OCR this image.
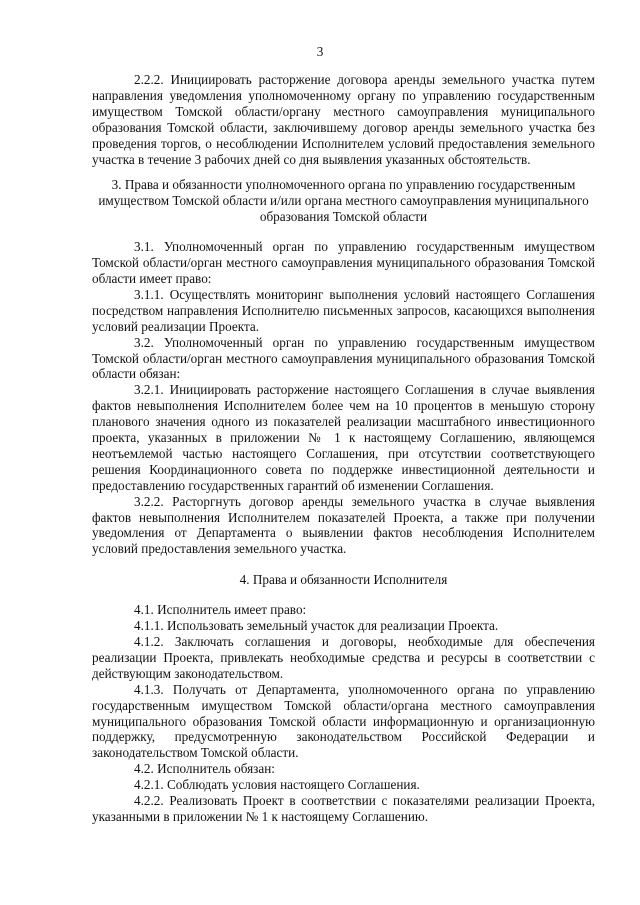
3

2.2.2. Инициировать расторжение договора аренды земельного участка путем направления уведомления уполномоченному органу по управлению государственным имуществом Томской области/органу местного самоуправления муниципального образования Томской области, заключившему договор аренды земельного участка без проведения торгов, о несоблюдении Исполнителем условий предоставления земельного участка в течение 3 рабочих дней со дня выявления указанных обстоятельств.

3. Права и обязанности уполномоченного органа по управлению государственным имуществом Томской области и/или органа местного самоуправления муниципального образования Томской области

3.1. Уполномоченный орган по управлению государственным имуществом Томской области/орган местного самоуправления муниципального образования Томской области имеет право:

3.1.1. Осуществлять мониторинг выполнения условий настоящего Соглашения посредством направления Исполнителю письменных запросов, касающихся выполнения условий реализации Проекта.

3.2. Уполномоченный орган по управлению государственным имуществом Томской области/орган местного самоуправления муниципального образования Томской области обязан:

3.2.1. Инициировать расторжение настоящего Соглашения в случае выявления фактов невыполнения Исполнителем более чем на 10 процентов в меньшую сторону планового значения одного из показателей реализации масштабного инвестиционного проекта, указанных в приложении № 1 к настоящему Соглашению, являющемся неотъемлемой частью настоящего Соглашения, при отсутствии соответствующего решения Координационного совета по поддержке инвестиционной деятельности и предоставлению государственных гарантий об изменении Соглашения.

3.2.2. Расторгнуть договор аренды земельного участка в случае выявления фактов невыполнения Исполнителем показателей Проекта, а также при получении уведомления от Департамента о выявлении фактов несоблюдения Исполнителем условий предоставления земельного участка.

4. Права и обязанности Исполнителя

4.1. Исполнитель имеет право:

4.1.1. Использовать земельный участок для реализации Проекта.

4.1.2. Заключать соглашения и договоры, необходимые для обеспечения реализации Проекта, привлекать необходимые средства и ресурсы в соответствии с действующим законодательством.

4.1.3. Получать от Департамента, уполномоченного органа по управлению государственным имуществом Томской области/органа местного самоуправления муниципального образования Томской области информационную и организационную поддержку, предусмотренную законодательством Российской Федерации и законодательством Томской области.

4.2. Исполнитель обязан:

4.2.1. Соблюдать условия настоящего Соглашения.

4.2.2. Реализовать Проект в соответствии с показателями реализации Проекта, указанными в приложении № 1 к настоящему Соглашению.
